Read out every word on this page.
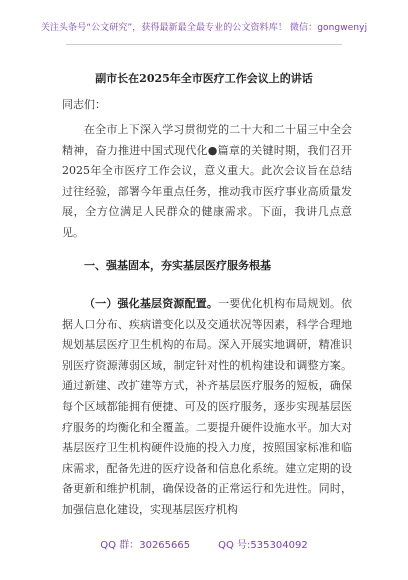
关注头条号“公文研究”，获得最新最全最专业的公文资料库！ 微信：gongwenyj
副市长在2025年全市医疗工作会议上的讲话
同志们：

在全市上下深入学习贯彻党的二十大和二十届三中全会精神，奋力推进中国式现代化●篇章的关键时期，我们召开2025年全市医疗工作会议，意义重大。此次会议旨在总结过往经验，部署今年重点任务，推动我市医疗事业高质量发展，全方位满足人民群众的健康需求。下面，我讲几点意见。

一、强基固本，夯实基层医疗服务根基

（一）强化基层资源配置。一要优化机构布局规划。依据人口分布、疾病谱变化以及交通状况等因素，科学合理地规划基层医疗卫生机构的布局。深入开展实地调研，精准识别医疗资源薄弱区域，制定针对性的机构建设和调整方案。通过新建、改扩建等方式，补齐基层医疗服务的短板，确保每个区域都能拥有便捷、可及的医疗服务，逐步实现基层医疗服务的均衡化和全覆盖。二要提升硬件设施水平。加大对基层医疗卫生机构硬件设施的投入力度，按照国家标准和临床需求，配备先进的医疗设备和信息化系统。建立定期的设备更新和维护机制，确保设备的正常运行和先进性。同时，加强信息化建设，实现基层医疗机构

QQ 群：30265665	QQ 号:535304092
